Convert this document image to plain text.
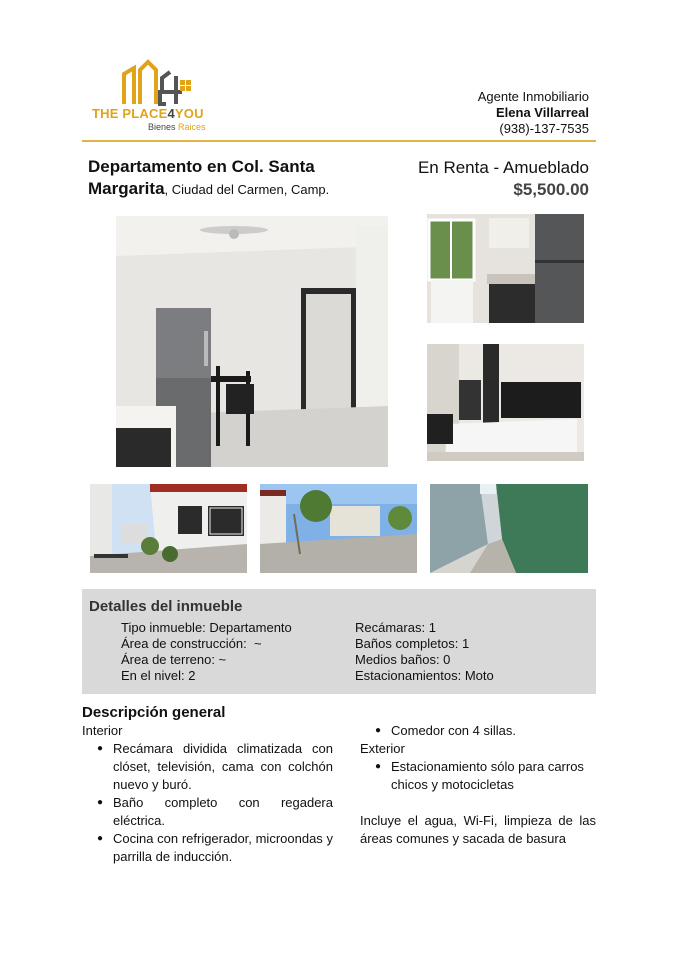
THE PLACE4YOU
Bienes Raices
Agente Inmobiliario
Elena Villarreal
(938)-137-7535
Departamento en Col. Santa Margarita, Ciudad del Carmen, Camp.
En Renta - Amueblado
$5,500.00
Detalles del inmueble
Tipo inmueble: Departamento
Área de construcción:  ~
Área de terreno: ~
En el nivel: 2
Recámaras: 1
Baños completos: 1
Medios baños: 0
Estacionamientos: Moto
Descripción general
Interior
● Recámara dividida climatizada con clóset, televisión, cama con colchón nuevo y buró.
● Baño completo con regadera eléctrica.
● Cocina con refrigerador, microondas y parrilla de inducción.
● Comedor con 4 sillas.
Exterior
● Estacionamiento sólo para carros chicos y motocicletas
Incluye el agua, Wi-Fi, limpieza de las áreas comunes y sacada de basura
